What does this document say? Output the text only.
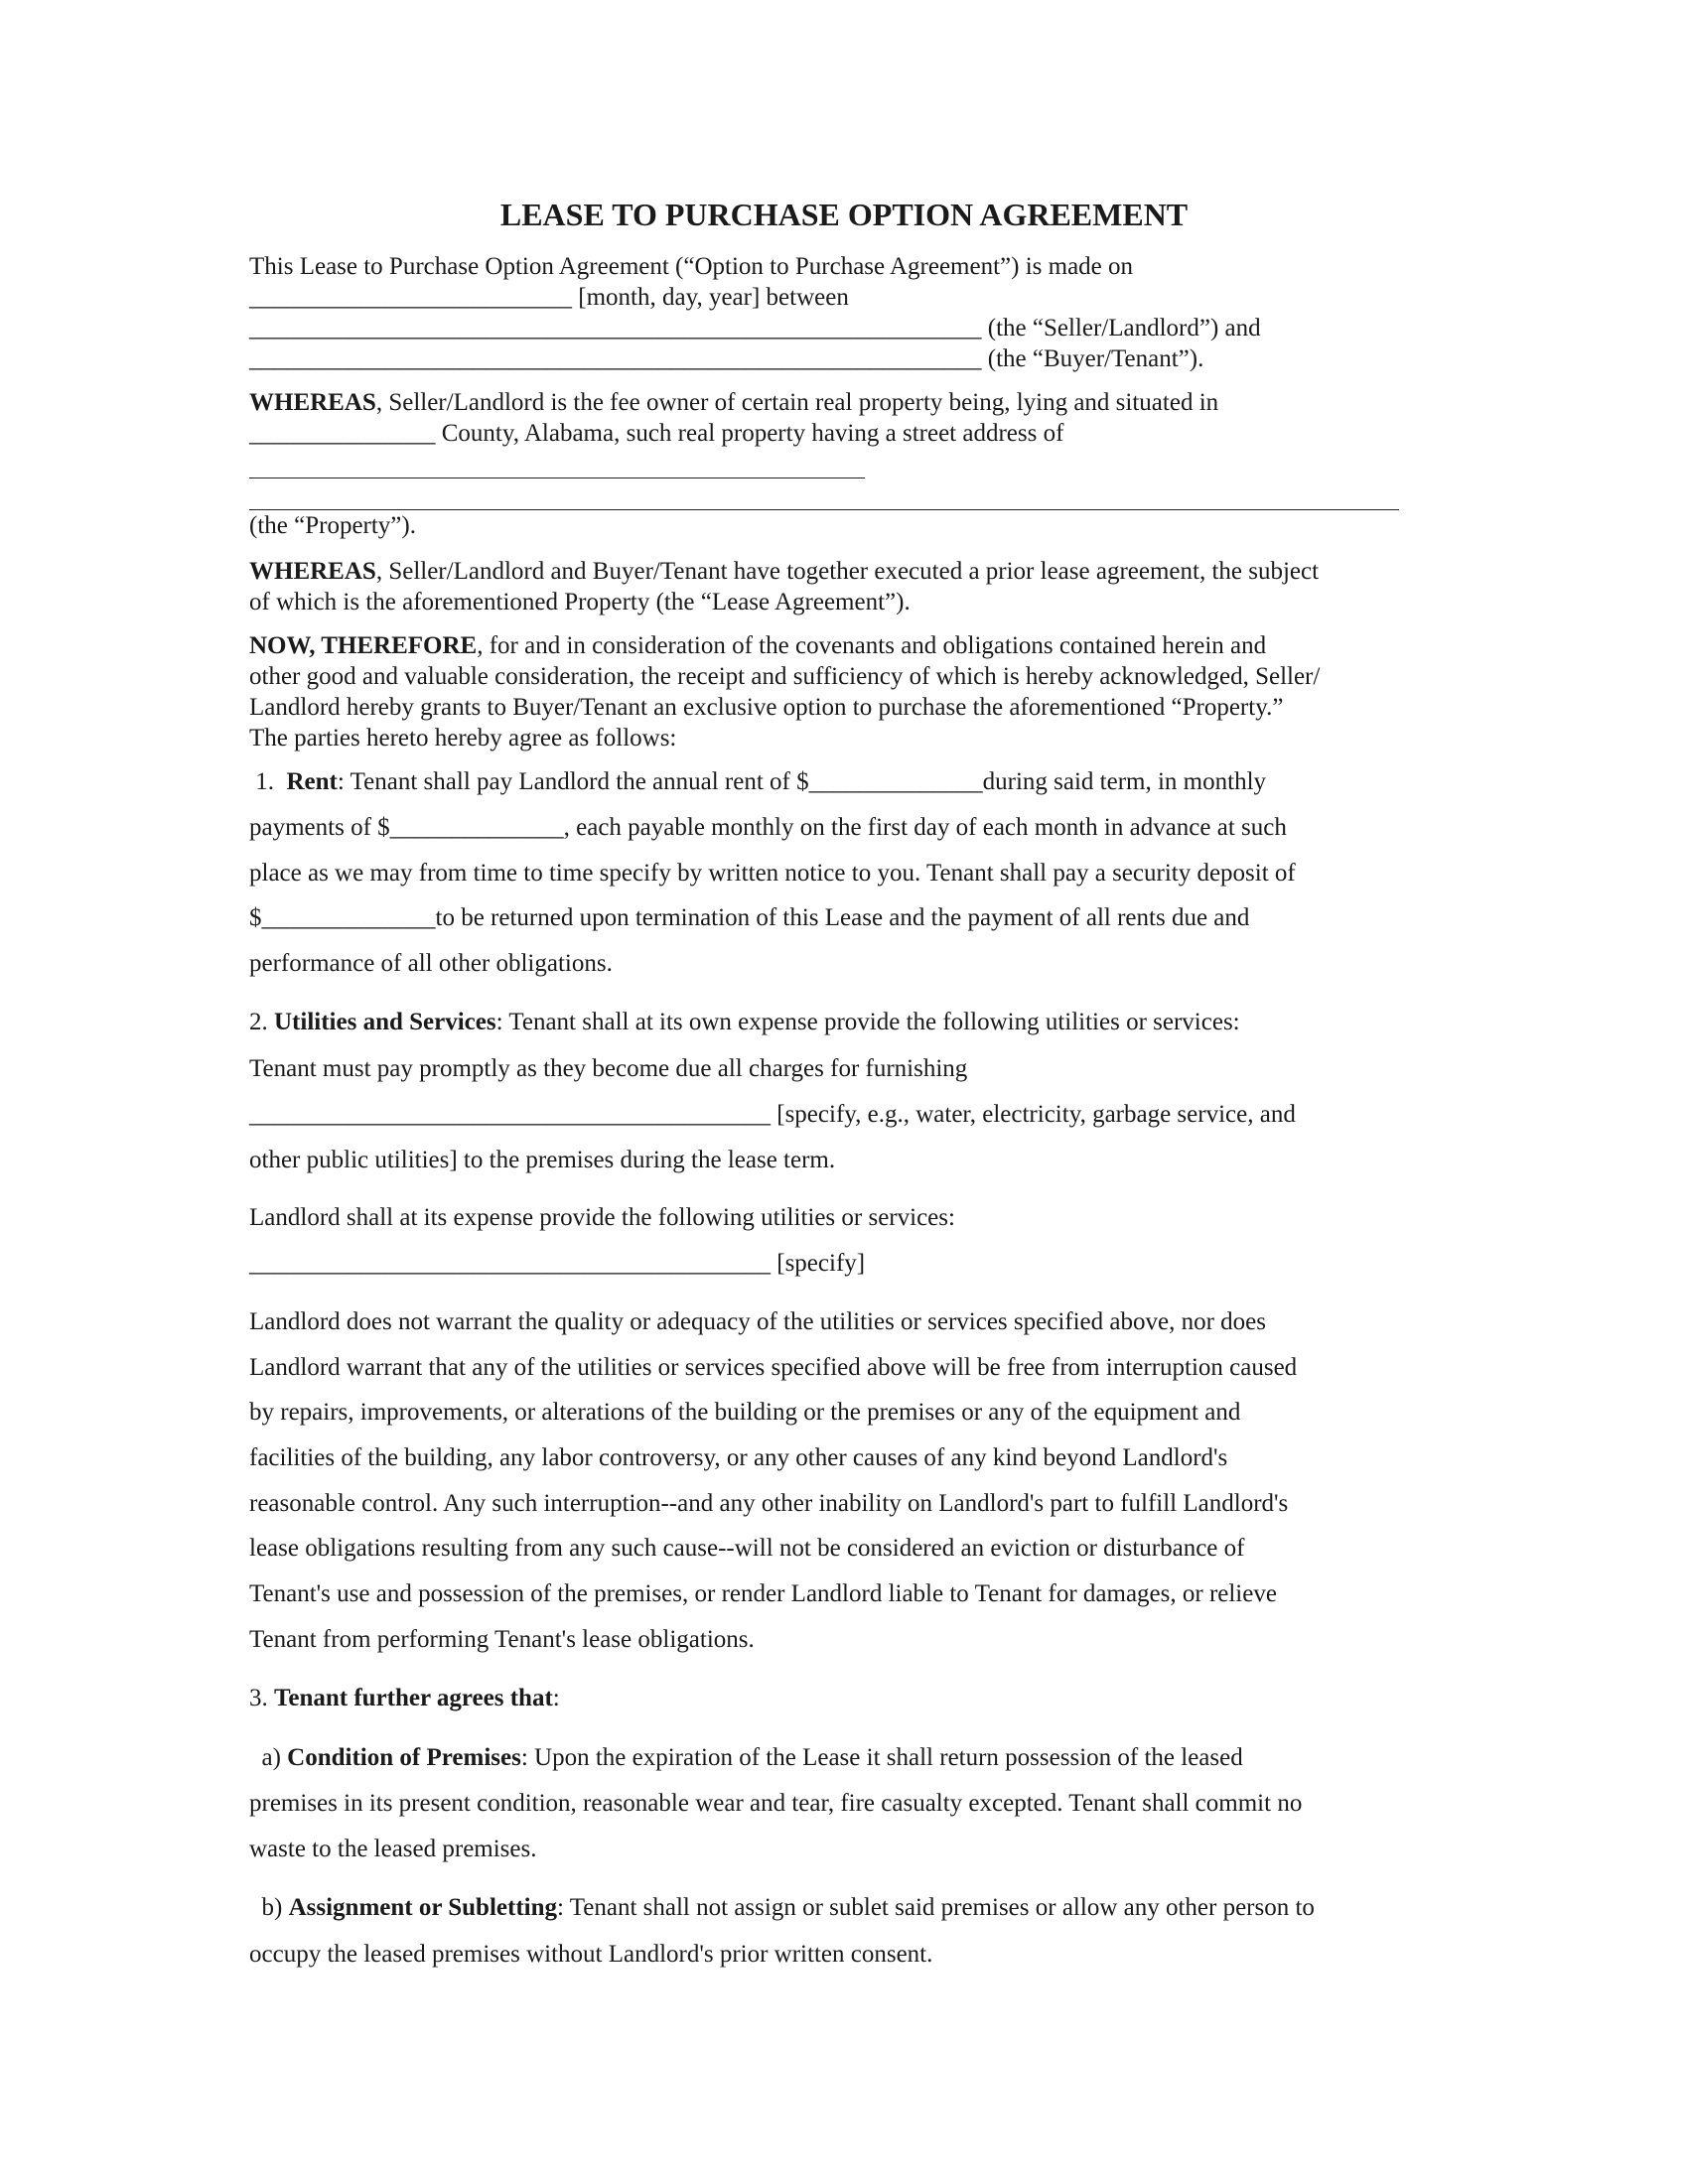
LEASE TO PURCHASE OPTION AGREEMENT

This Lease to Purchase Option Agreement (“Option to Purchase Agreement”) is made on

__________________________ [month, day, year] between

___________________________________________________________ (the “Seller/Landlord”) and

___________________________________________________________ (the “Buyer/Tenant”).

WHEREAS, Seller/Landlord is the fee owner of certain real property being, lying and situated in

_______________ County, Alabama, such real property having a street address of

(the “Property”).

WHEREAS, Seller/Landlord and Buyer/Tenant have together executed a prior lease agreement, the subject

of which is the aforementioned Property (the “Lease Agreement”).

NOW, THEREFORE, for and in consideration of the covenants and obligations contained herein and

other good and valuable consideration, the receipt and sufficiency of which is hereby acknowledged, Seller/

Landlord hereby grants to Buyer/Tenant an exclusive option to purchase the aforementioned “Property.”

The parties hereto hereby agree as follows:

1.  Rent: Tenant shall pay Landlord the annual rent of $______________during said term, in monthly

payments of $______________, each payable monthly on the first day of each month in advance at such

place as we may from time to time specify by written notice to you. Tenant shall pay a security deposit of

$______________to be returned upon termination of this Lease and the payment of all rents due and

performance of all other obligations.

2. Utilities and Services: Tenant shall at its own expense provide the following utilities or services:

Tenant must pay promptly as they become due all charges for furnishing

__________________________________________ [specify, e.g., water, electricity, garbage service, and

other public utilities] to the premises during the lease term.

Landlord shall at its expense provide the following utilities or services:

__________________________________________ [specify]

Landlord does not warrant the quality or adequacy of the utilities or services specified above, nor does

Landlord warrant that any of the utilities or services specified above will be free from interruption caused

by repairs, improvements, or alterations of the building or the premises or any of the equipment and

facilities of the building, any labor controversy, or any other causes of any kind beyond Landlord's

reasonable control. Any such interruption--and any other inability on Landlord's part to fulfill Landlord's

lease obligations resulting from any such cause--will not be considered an eviction or disturbance of

Tenant's use and possession of the premises, or render Landlord liable to Tenant for damages, or relieve

Tenant from performing Tenant's lease obligations.

3. Tenant further agrees that:

a) Condition of Premises: Upon the expiration of the Lease it shall return possession of the leased

premises in its present condition, reasonable wear and tear, fire casualty excepted. Tenant shall commit no

waste to the leased premises.

b) Assignment or Subletting: Tenant shall not assign or sublet said premises or allow any other person to

occupy the leased premises without Landlord's prior written consent.
